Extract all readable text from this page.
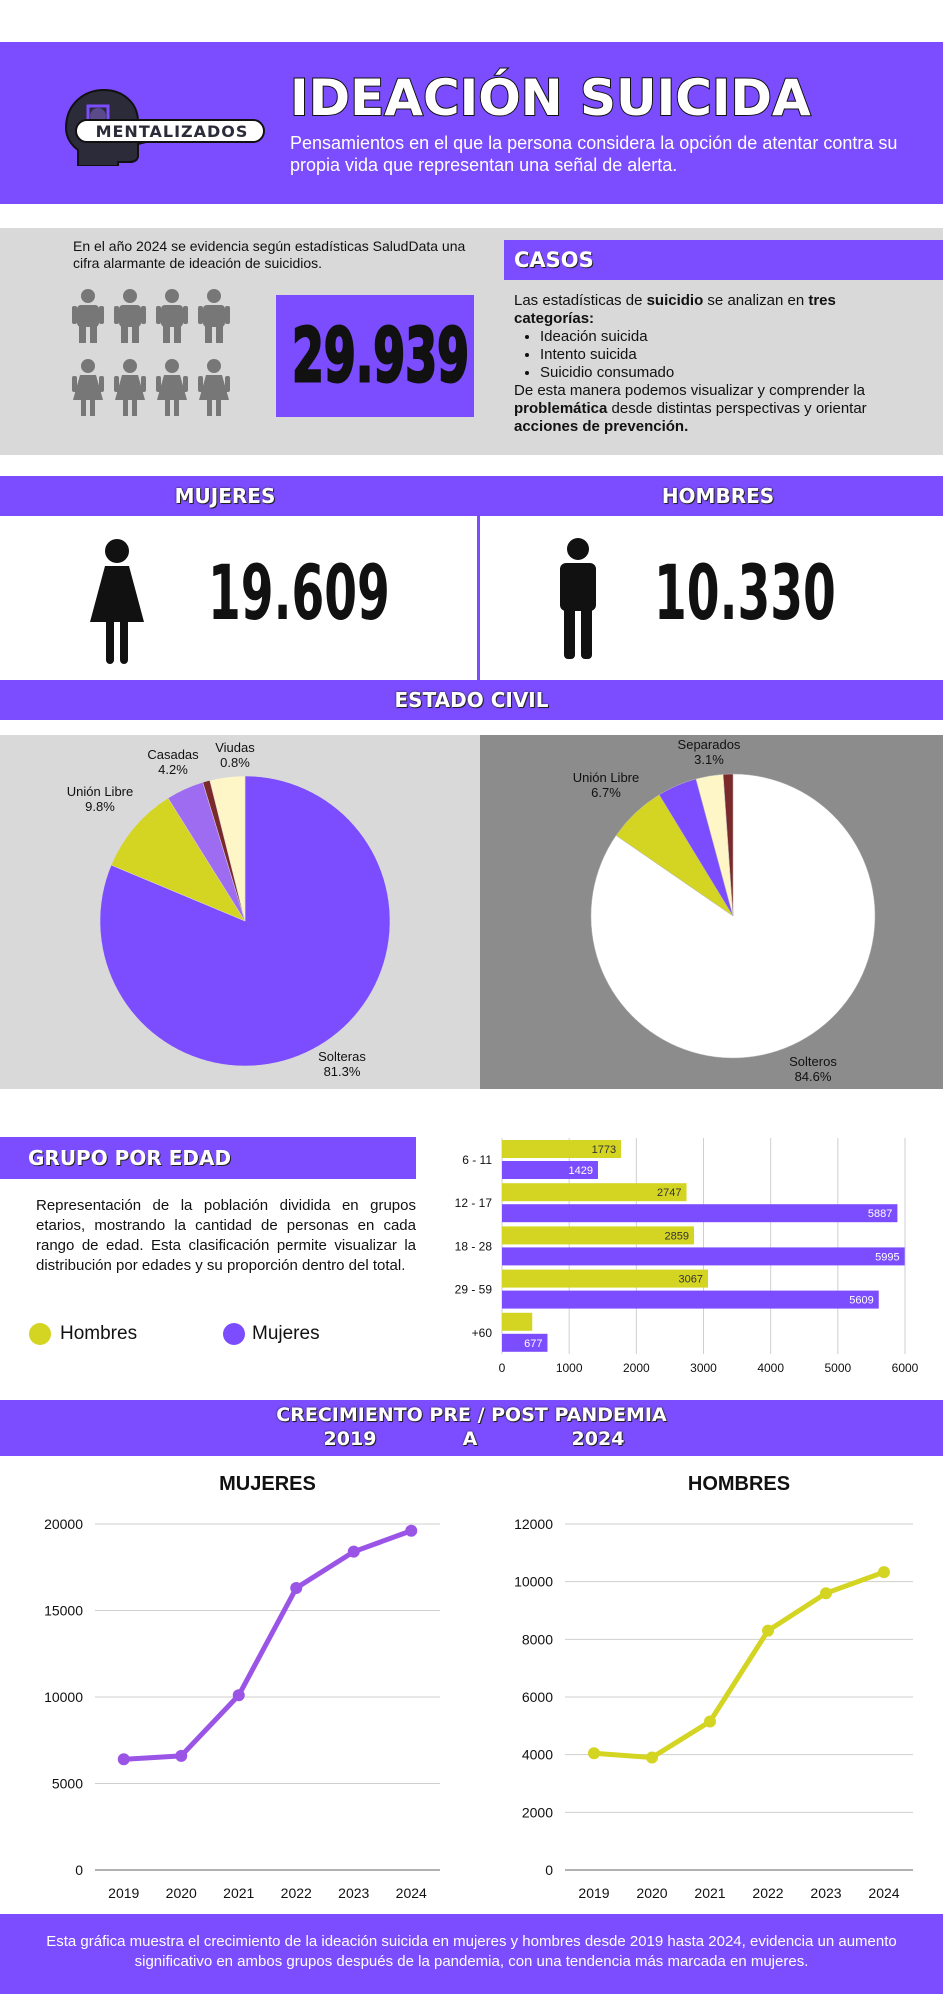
MENTALIZADOS
IDEACIÓN SUICIDA
Pensamientos en el que la persona considera la opción de atentar contra su propia vida que representan una señal de alerta.
En el año 2024 se evidencia según estadísticas SaludData una cifra alarmante de ideación de suicidios.
29.939
CASOS
Las estadísticas de suicidio se analizan en tres categorías:
• Ideación suicida
• Intento suicida
• Suicidio consumado
De esta manera podemos visualizar y comprender la problemática desde distintas perspectivas y orientar acciones de prevención.
MUJERES	HOMBRES
19.609	10.330
ESTADO CIVIL
Solteras
81.3%
Unión Libre
9.8%
Casadas
4.2%
Viudas
0.8%
Solteros
84.6%
Unión Libre
6.7%
Separados
3.1%
GRUPO POR EDAD
Representación de la población dividida en grupos etarios, mostrando la cantidad de personas en cada rango de edad. Esta clasificación permite visualizar la distribución por edades y su proporción dentro del total.
Hombres	Mujeres
0	1000	2000	3000	4000	5000	6000
6 - 11
1773
1429
12 - 17
2747
5887
18 - 28
2859
5995
29 - 59
3067
5609
+60
677
CRECIMIENTO PRE / POST PANDEMIA
2019	A	2024
MUJERES
0
5000
10000
15000
20000
2019 2020 2021 2022 2023 2024
HOMBRES
0
2000
4000
6000
8000
10000
12000
2019 2020 2021 2022 2023 2024
Esta gráfica muestra el crecimiento de la ideación suicida en mujeres y hombres desde 2019 hasta 2024, evidencia un aumento significativo en ambos grupos después de la pandemia, con una tendencia más marcada en mujeres.
